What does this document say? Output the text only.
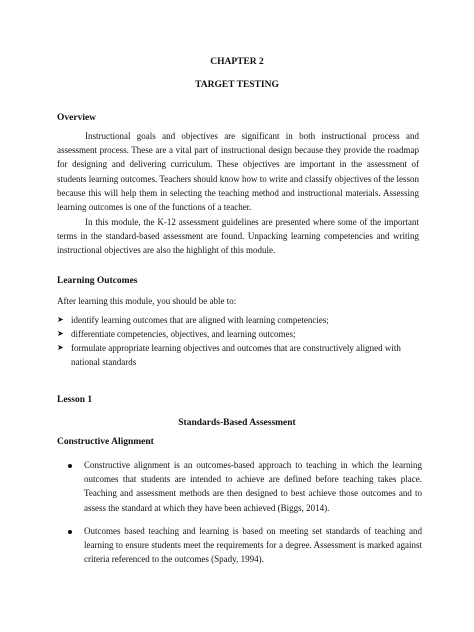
CHAPTER 2
TARGET TESTING
Overview

Instructional goals and objectives are significant in both instructional process and assessment process. These are a vital part of instructional design because they provide the roadmap for designing and delivering curriculum. These objectives are important in the assessment of students learning outcomes. Teachers should know how to write and classify objectives of the lesson because this will help them in selecting the teaching method and instructional materials. Assessing learning outcomes is one of the functions of a teacher.

In this module, the K-12 assessment guidelines are presented where some of the important terms in the standard-based assessment are found. Unpacking learning competencies and writing instructional objectives are also the highlight of this module.

Learning Outcomes

After learning this module, you should be able to:

➤ identify learning outcomes that are aligned with learning competencies;
➤ differentiate competencies, objectives, and learning outcomes;
➤ formulate appropriate learning objectives and outcomes that are constructively aligned with national standards
Lesson 1
Standards-Based Assessment
Constructive Alignment
Constructive alignment is an outcomes-based approach to teaching in which the learning outcomes that students are intended to achieve are defined before teaching takes place. Teaching and assessment methods are then designed to best achieve those outcomes and to assess the standard at which they have been achieved (Biggs, 2014).
Outcomes based teaching and learning is based on meeting set standards of teaching and learning to ensure students meet the requirements for a degree. Assessment is marked against criteria referenced to the outcomes (Spady, 1994).
